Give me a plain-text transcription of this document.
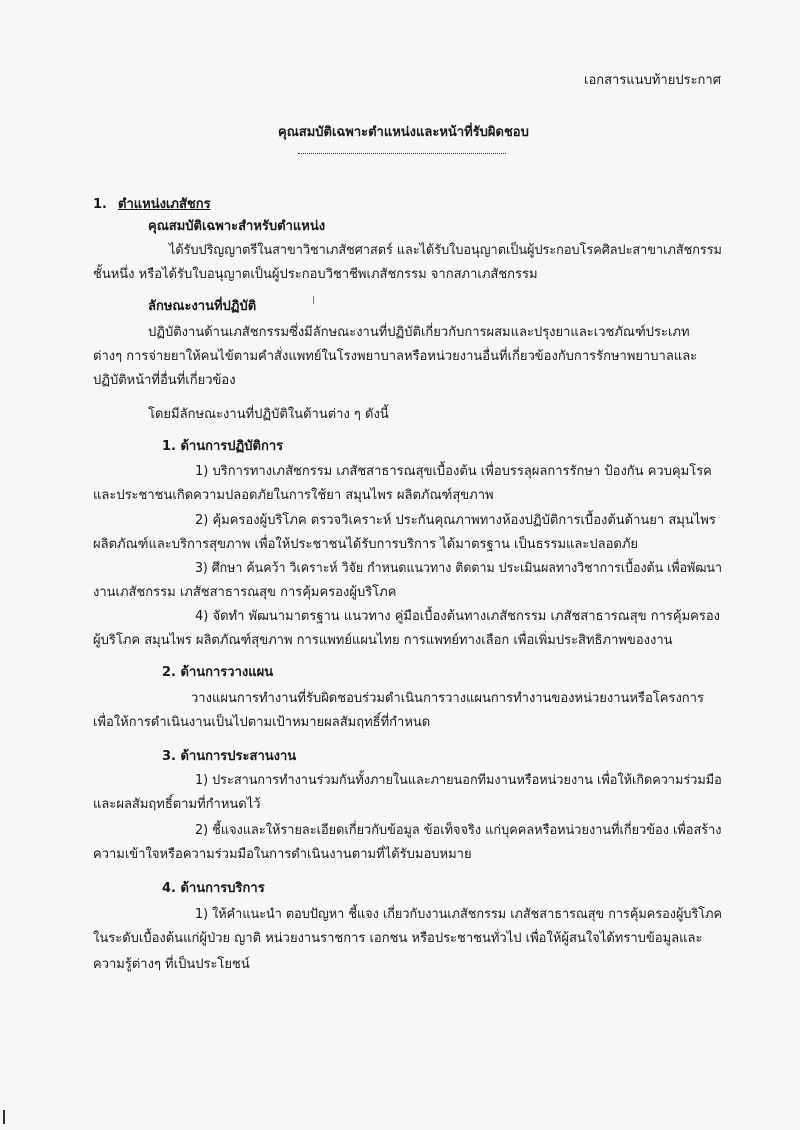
เอกสารแนบท้ายประกาศ
คุณสมบัติเฉพาะตำแหน่งและหน้าที่รับผิดชอบ
1. ตำแหน่งเภสัชกร
คุณสมบัติเฉพาะสำหรับตำแหน่ง
ได้รับปริญญาตรีในสาขาวิชาเภสัชศาสตร์ และได้รับใบอนุญาตเป็นผู้ประกอบโรคศิลปะสาขาเภสัชกรรม
ชั้นหนึ่ง หรือได้รับใบอนุญาตเป็นผู้ประกอบวิชาชีพเภสัชกรรม จากสภาเภสัชกรรม
ลักษณะงานที่ปฏิบัติ
ปฏิบัติงานด้านเภสัชกรรมซึ่งมีลักษณะงานที่ปฏิบัติเกี่ยวกับการผสมและปรุงยาและเวชภัณฑ์ประเภท
ต่างๆ การจ่ายยาให้คนไข้ตามคำสั่งแพทย์ในโรงพยาบาลหรือหน่วยงานอื่นที่เกี่ยวข้องกับการรักษาพยาบาลและ
ปฏิบัติหน้าที่อื่นที่เกี่ยวข้อง
โดยมีลักษณะงานที่ปฏิบัติในด้านต่าง ๆ ดังนี้
1. ด้านการปฏิบัติการ
1) บริการทางเภสัชกรรม เภสัชสาธารณสุขเบื้องต้น เพื่อบรรลุผลการรักษา ป้องกัน ควบคุมโรค
และประชาชนเกิดความปลอดภัยในการใช้ยา สมุนไพร ผลิตภัณฑ์สุขภาพ
2) คุ้มครองผู้บริโภค ตรวจวิเคราะห์ ประกันคุณภาพทางห้องปฏิบัติการเบื้องต้นด้านยา สมุนไพร
ผลิตภัณฑ์และบริการสุขภาพ เพื่อให้ประชาชนได้รับการบริการ ได้มาตรฐาน เป็นธรรมและปลอดภัย
3) ศึกษา ค้นคว้า วิเคราะห์ วิจัย กำหนดแนวทาง ติดตาม ประเมินผลทางวิชาการเบื้องต้น เพื่อพัฒนา
งานเภสัชกรรม เภสัชสาธารณสุข การคุ้มครองผู้บริโภค
4) จัดทำ พัฒนามาตรฐาน แนวทาง คู่มือเบื้องต้นทางเภสัชกรรม เภสัชสาธารณสุข การคุ้มครอง
ผู้บริโภค สมุนไพร ผลิตภัณฑ์สุขภาพ การแพทย์แผนไทย การแพทย์ทางเลือก เพื่อเพิ่มประสิทธิภาพของงาน
2. ด้านการวางแผน
วางแผนการทำงานที่รับผิดชอบร่วมดำเนินการวางแผนการทำงานของหน่วยงานหรือโครงการ
เพื่อให้การดำเนินงานเป็นไปตามเป้าหมายผลสัมฤทธิ์ที่กำหนด
3. ด้านการประสานงาน
1) ประสานการทำงานร่วมกันทั้งภายในและภายนอกทีมงานหรือหน่วยงาน เพื่อให้เกิดความร่วมมือ
และผลสัมฤทธิ์ตามที่กำหนดไว้
2) ชี้แจงและให้รายละเอียดเกี่ยวกับข้อมูล ข้อเท็จจริง แก่บุคคลหรือหน่วยงานที่เกี่ยวข้อง เพื่อสร้าง
ความเข้าใจหรือความร่วมมือในการดำเนินงานตามที่ได้รับมอบหมาย
4. ด้านการบริการ
1) ให้คำแนะนำ ตอบปัญหา ชี้แจง เกี่ยวกับงานเภสัชกรรม เภสัชสาธารณสุข การคุ้มครองผู้บริโภค
ในระดับเบื้องต้นแก่ผู้ป่วย ญาติ หน่วยงานราชการ เอกชน หรือประชาชนทั่วไป เพื่อให้ผู้สนใจได้ทราบข้อมูลและ
ความรู้ต่างๆ ที่เป็นประโยชน์
